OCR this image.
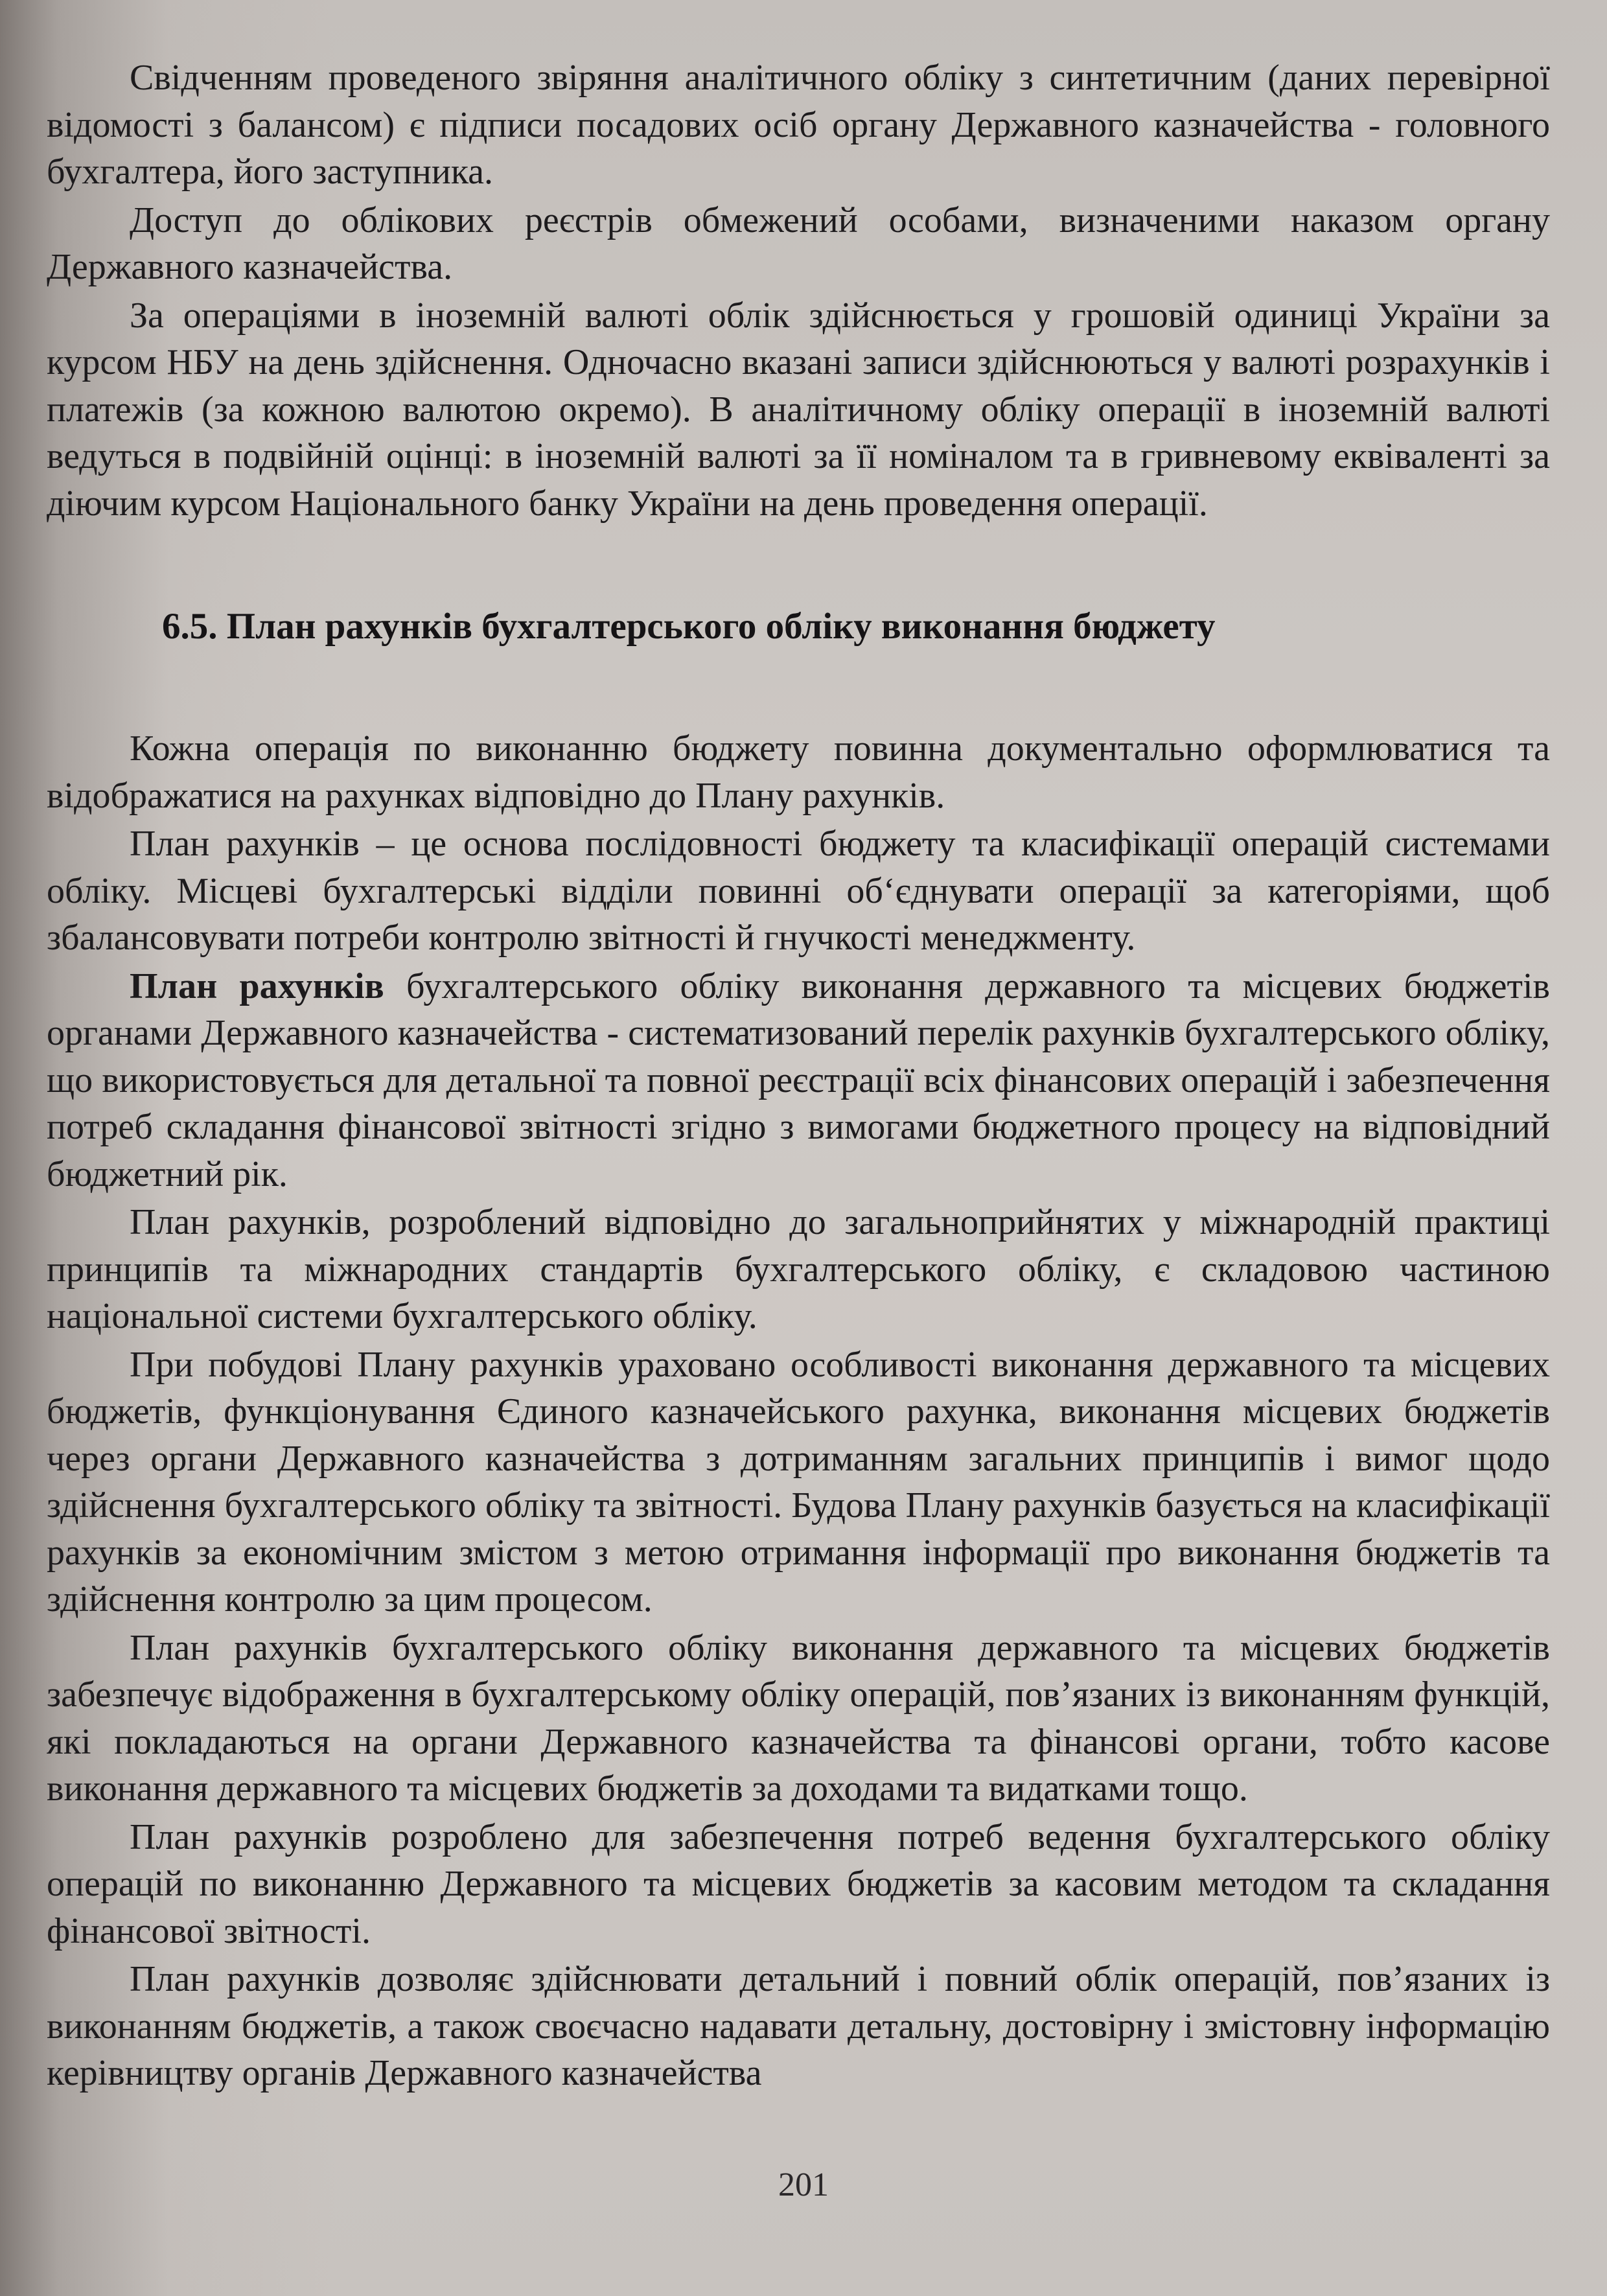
Свідченням проведеного звіряння аналітичного обліку з синтетичним (даних перевірної відомості з балансом) є підписи посадових осіб органу Державного казначейства - головного бухгалтера, його заступника.

Доступ до облікових реєстрів обмежений особами, визначеними наказом органу Державного казначейства.

За операціями в іноземній валюті облік здійснюється у грошовій одиниці України за курсом НБУ на день здійснення. Одночасно вказані записи здійснюються у валюті розрахунків і платежів (за кожною валютою окремо). В аналітичному обліку операції в іноземній валюті ведуться в подвійній оцінці: в іноземній валюті за її номіналом та в гривневому еквіваленті за діючим курсом Національного банку України на день проведення операції.

6.5. План рахунків бухгалтерського обліку виконання бюджету

Кожна операція по виконанню бюджету повинна документально оформлюватися та відображатися на рахунках відповідно до Плану рахунків.

План рахунків – це основа послідовності бюджету та класифікації операцій системами обліку. Місцеві бухгалтерські відділи повинні об‘єднувати операції за категоріями, щоб збалансовувати потреби контролю звітності й гнучкості менеджменту.

План рахунків бухгалтерського обліку виконання державного та місцевих бюджетів органами Державного казначейства - систематизований перелік рахунків бухгалтерського обліку, що використовується для детальної та повної реєстрації всіх фінансових операцій і забезпечення потреб складання фінансової звітності згідно з вимогами бюджетного процесу на відповідний бюджетний рік.

План рахунків, розроблений відповідно до загальноприйнятих у міжнародній практиці принципів та міжнародних стандартів бухгалтерського обліку, є складовою частиною національної системи бухгалтерського обліку.

При побудові Плану рахунків ураховано особливості виконання державного та місцевих бюджетів, функціонування Єдиного казначейського рахунка, виконання місцевих бюджетів через органи Державного казначейства з дотриманням загальних принципів і вимог щодо здійснення бухгалтерського обліку та звітності. Будова Плану рахунків базується на класифікації рахунків за економічним змістом з метою отримання інформації про виконання бюджетів та здійснення контролю за цим процесом.

План рахунків бухгалтерського обліку виконання державного та місцевих бюджетів забезпечує відображення в бухгалтерському обліку операцій, пов’язаних із виконанням функцій, які покладаються на органи Державного казначейства та фінансові органи, тобто касове виконання державного та місцевих бюджетів за доходами та видатками тощо.

План рахунків розроблено для забезпечення потреб ведення бухгалтерського обліку операцій по виконанню Державного та місцевих бюджетів за касовим методом та складання фінансової звітності.

План рахунків дозволяє здійснювати детальний і повний облік операцій, пов’язаних із виконанням бюджетів, а також своєчасно надавати детальну, достовірну і змістовну інформацію керівництву органів Державного казначейства

201
